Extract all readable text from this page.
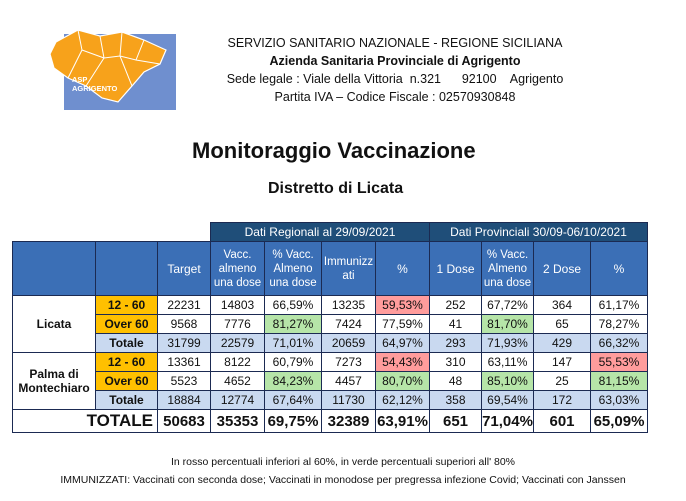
ASP
AGRIGENTO
SERVIZIO SANITARIO NAZIONALE - REGIONE SICILIANA
Azienda Sanitaria Provinciale di Agrigento
Sede legale : Viale della Vittoria  n.321      92100    Agrigento
Partita IVA – Codice Fiscale : 02570930848
Monitoraggio Vaccinazione
Distretto di Licata
			Dati Regionali al 29/09/2021				Dati Provinciali 30/09-06/10/2021			
		Target	Vacc. almeno una dose	% Vacc. Almeno una dose	Immunizz ati	%	1 Dose	% Vacc. Almeno una dose	2 Dose	%
Licata	12 - 60	22231	14803	66,59%	13235	59,53%	252	67,72%	364	61,17%
	Over 60	9568	7776	81,27%	7424	77,59%	41	81,70%	65	78,27%
	Totale	31799	22579	71,01%	20659	64,97%	293	71,93%	429	66,32%
Palma di Montechiaro	12 - 60	13361	8122	60,79%	7273	54,43%	310	63,11%	147	55,53%
	Over 60	5523	4652	84,23%	4457	80,70%	48	85,10%	25	81,15%
	Totale	18884	12774	67,64%	11730	62,12%	358	69,54%	172	63,03%
TOTALE		50683	35353	69,75%	32389	63,91%	651	71,04%	601	65,09%
In rosso percentuali inferiori al 60%, in verde percentuali superiori all' 80%
IMMUNIZZATI: Vaccinati con seconda dose; Vaccinati in monodose per pregressa infezione Covid; Vaccinati con Janssen
